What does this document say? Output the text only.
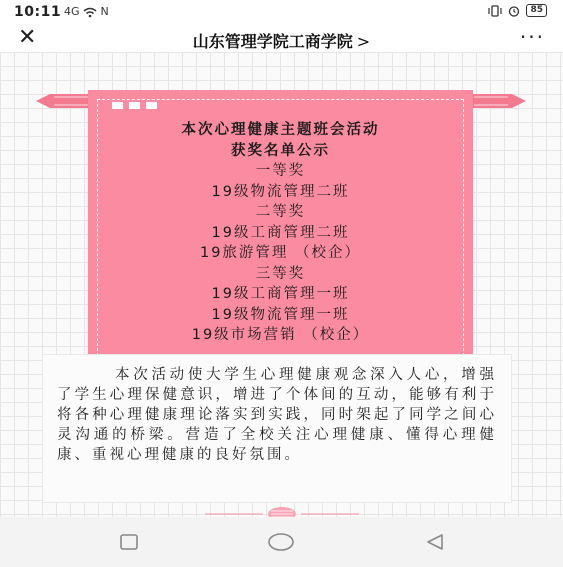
10:11 4G N	85
✕	山东管理学院工商学院 >	···
本次心理健康主题班会活动
获奖名单公示
一等奖
19级物流管理二班
二等奖
19级工商管理二班
19旅游管理 （校企）
三等奖
19级工商管理一班
19级物流管理一班
19级市场营销 （校企）
本次活动使大学生心理健康观念深入人心，增强了学生心理保健意识，增进了个体间的互动，能够有利于将各种心理健康理论落实到实践，同时架起了同学之间心灵沟通的桥梁。营造了全校关注心理健康、懂得心理健康、重视心理健康的良好氛围。
